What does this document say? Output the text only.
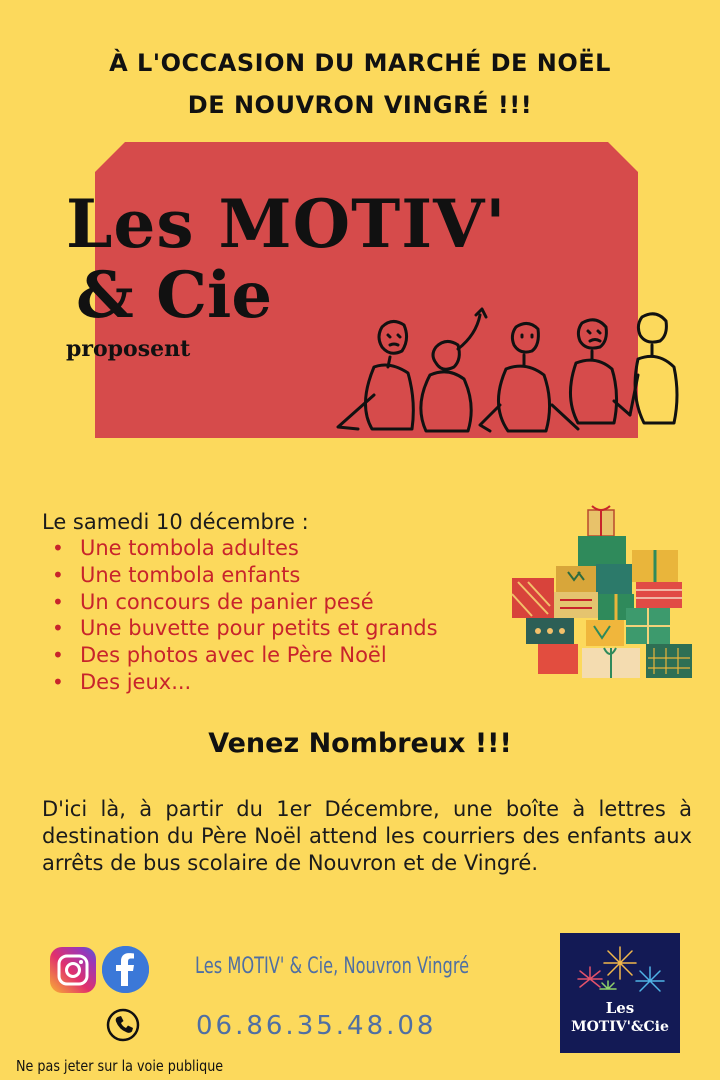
À L'OCCASION DU MARCHÉ DE NOËL
DE NOUVRON VINGRÉ !!!
Les MOTIV'
& Cie
proposent
Le samedi 10 décembre :
• Une tombola adultes
• Une tombola enfants
• Un concours de panier pesé
• Une buvette pour petits et grands
• Des photos avec le Père Noël
• Des jeux...
Venez Nombreux !!!
D'ici là, à partir du 1er Décembre, une boîte à lettres à destination du Père Noël attend les courriers des enfants aux arrêts de bus scolaire de Nouvron et de Vingré.
Les MOTIV' & Cie, Nouvron Vingré
06.86.35.48.08
Les
MOTIV'&Cie
Ne pas jeter sur la voie publique
